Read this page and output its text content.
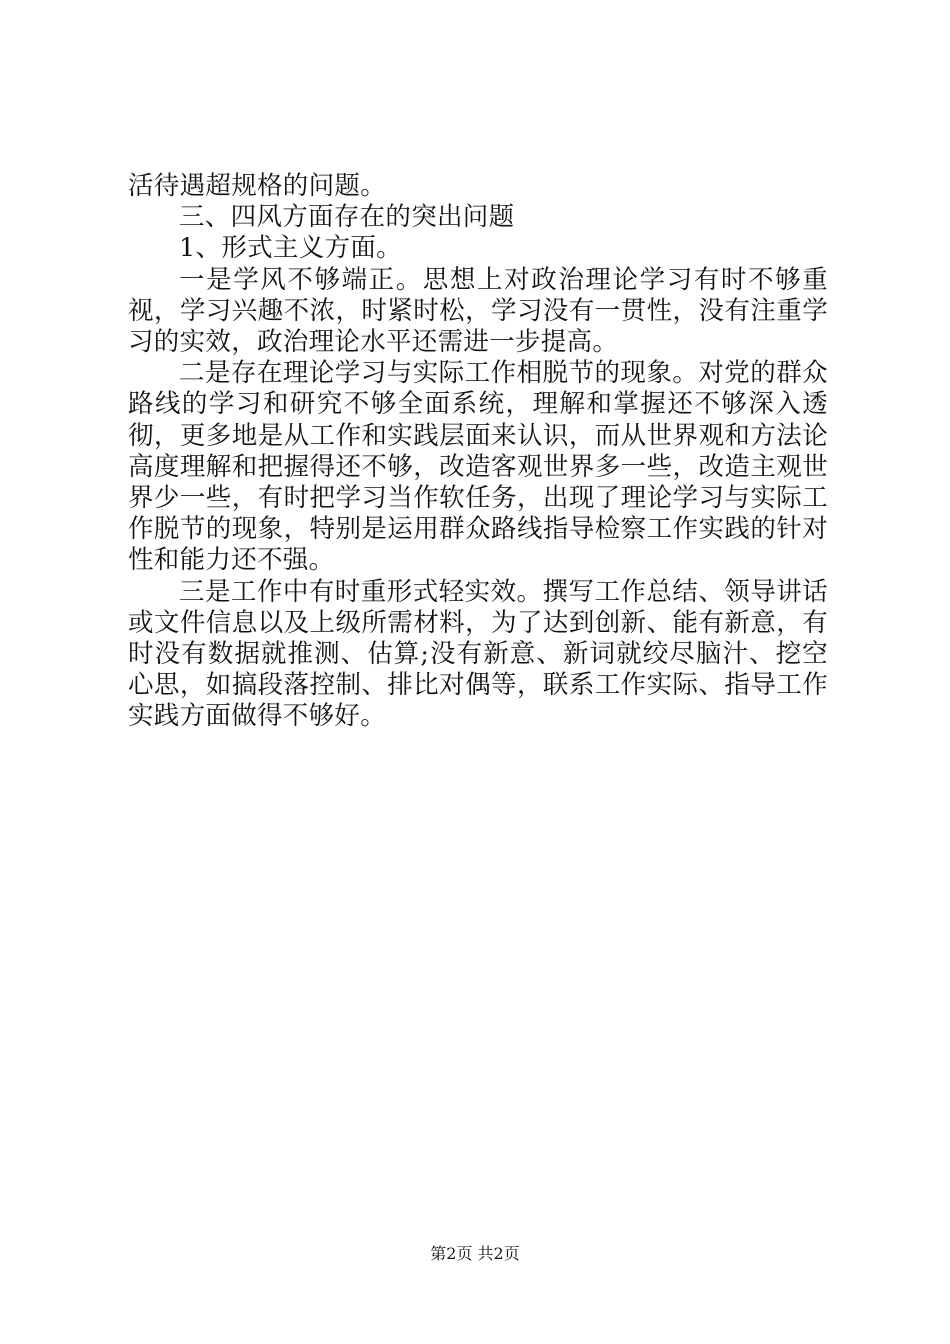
活待遇超规格的问题。

三、四风方面存在的突出问题

1、形式主义方面。

一是学风不够端正。思想上对政治理论学习有时不够重视，学习兴趣不浓，时紧时松，学习没有一贯性，没有注重学习的实效，政治理论水平还需进一步提高。

二是存在理论学习与实际工作相脱节的现象。对党的群众路线的学习和研究不够全面系统，理解和掌握还不够深入透彻，更多地是从工作和实践层面来认识，而从世界观和方法论高度理解和把握得还不够，改造客观世界多一些，改造主观世界少一些，有时把学习当作软任务，出现了理论学习与实际工作脱节的现象，特别是运用群众路线指导检察工作实践的针对性和能力还不强。

三是工作中有时重形式轻实效。撰写工作总结、领导讲话或文件信息以及上级所需材料，为了达到创新、能有新意，有时没有数据就推测、估算;没有新意、新词就绞尽脑汁、挖空心思，如搞段落控制、排比对偶等，联系工作实际、指导工作实践方面做得不够好。

第2页 共2页
